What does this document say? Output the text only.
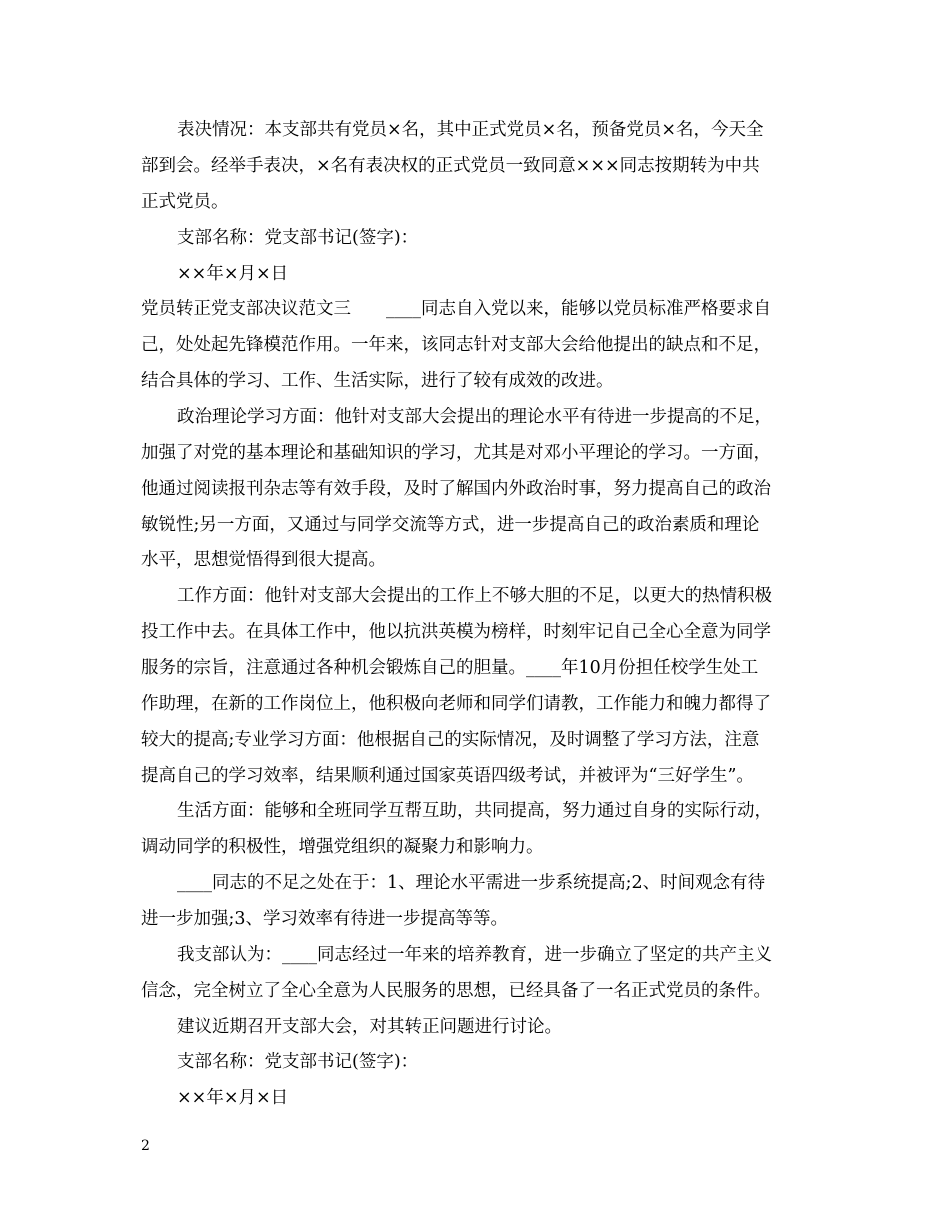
表决情况：本支部共有党员×名，其中正式党员×名，预备党员×名，今天全
部到会。经举手表决，×名有表决权的正式党员一致同意×××同志按期转为中共
正式党员。
支部名称：党支部书记(签字)：
××年×月×日
党员转正党支部决议范文三　　____同志自入党以来，能够以党员标准严格要求自
己，处处起先锋模范作用。一年来，该同志针对支部大会给他提出的缺点和不足，
结合具体的学习、工作、生活实际，进行了较有成效的改进。
政治理论学习方面：他针对支部大会提出的理论水平有待进一步提高的不足，
加强了对党的基本理论和基础知识的学习，尤其是对邓小平理论的学习。一方面，
他通过阅读报刊杂志等有效手段，及时了解国内外政治时事，努力提高自己的政治
敏锐性;另一方面，又通过与同学交流等方式，进一步提高自己的政治素质和理论
水平，思想觉悟得到很大提高。
工作方面：他针对支部大会提出的工作上不够大胆的不足，以更大的热情积极
投工作中去。在具体工作中，他以抗洪英模为榜样，时刻牢记自己全心全意为同学
服务的宗旨，注意通过各种机会锻炼自己的胆量。____年10月份担任校学生处工
作助理，在新的工作岗位上，他积极向老师和同学们请教，工作能力和魄力都得了
较大的提高;专业学习方面：他根据自己的实际情况，及时调整了学习方法，注意
提高自己的学习效率，结果顺利通过国家英语四级考试，并被评为“三好学生”。
生活方面：能够和全班同学互帮互助，共同提高，努力通过自身的实际行动，
调动同学的积极性，增强党组织的凝聚力和影响力。
____同志的不足之处在于：1、理论水平需进一步系统提高;2、时间观念有待
进一步加强;3、学习效率有待进一步提高等等。
我支部认为：____同志经过一年来的培养教育，进一步确立了坚定的共产主义
信念，完全树立了全心全意为人民服务的思想，已经具备了一名正式党员的条件。
建议近期召开支部大会，对其转正问题进行讨论。
支部名称：党支部书记(签字)：
××年×月×日
2
